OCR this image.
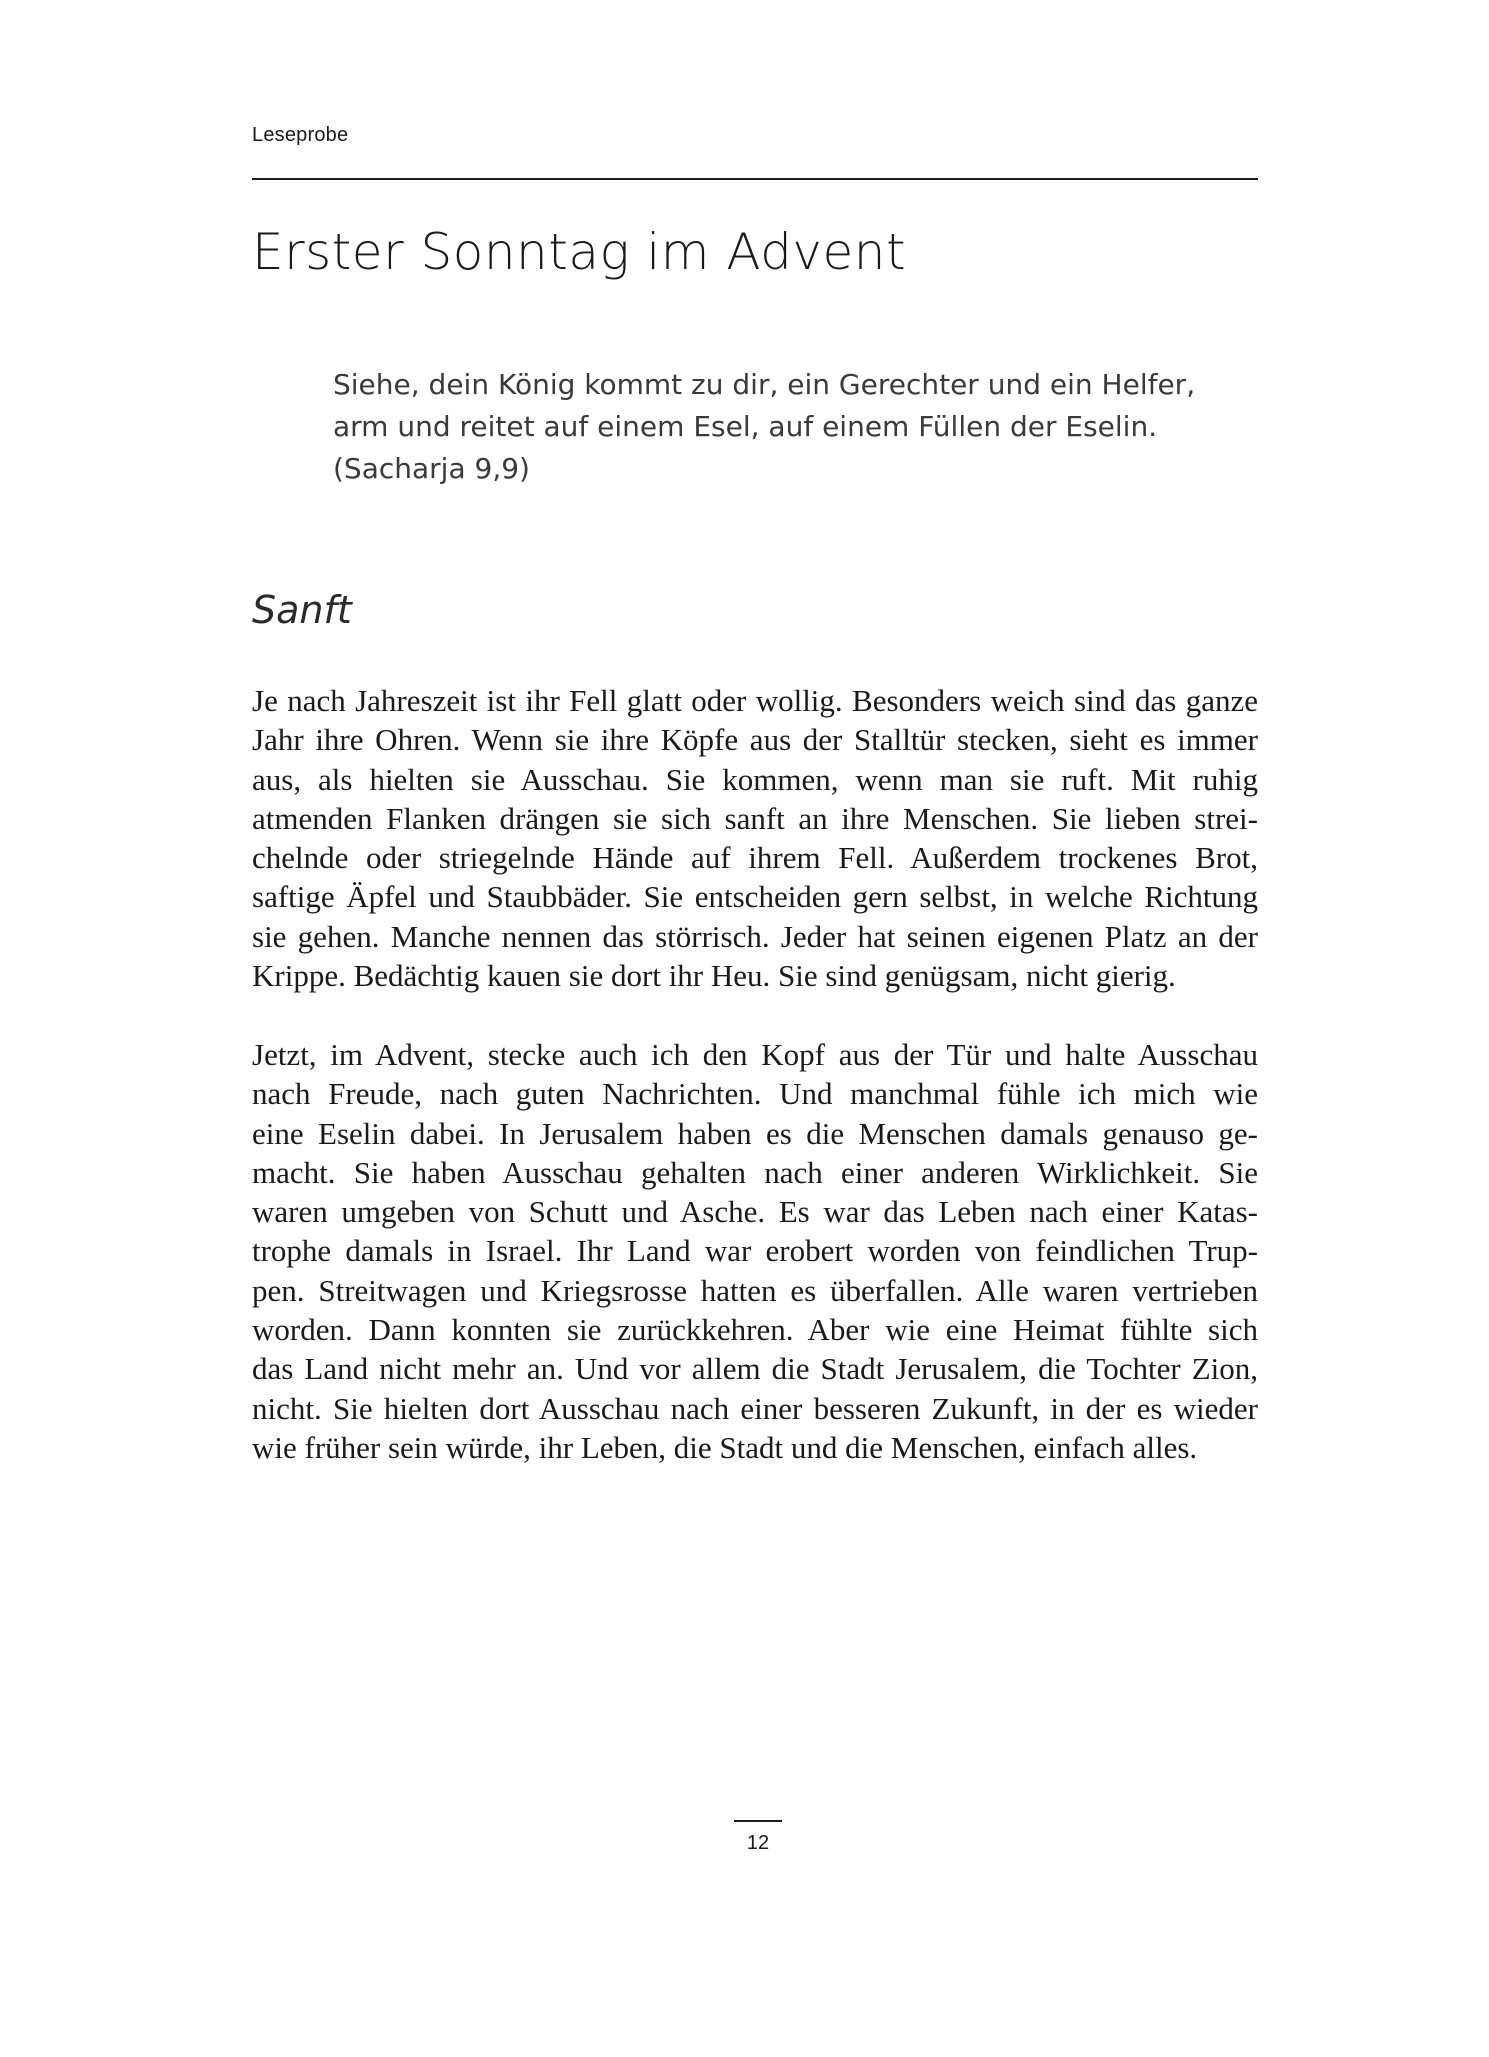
Leseprobe
Erster Sonntag im Advent
Siehe, dein König kommt zu dir, ein Gerechter und ein Helfer,
arm und reitet auf einem Esel, auf einem Füllen der Eselin.
(Sacharja 9,9)
Sanft
Je nach Jahreszeit ist ihr Fell glatt oder wollig. Besonders weich sind das ganze
Jahr ihre Ohren. Wenn sie ihre Köpfe aus der Stalltür stecken, sieht es immer
aus, als hielten sie Ausschau. Sie kommen, wenn man sie ruft. Mit ruhig
atmenden Flanken drängen sie sich sanft an ihre Menschen. Sie lieben strei-
chelnde oder striegelnde Hände auf ihrem Fell. Außerdem trockenes Brot,
saftige Äpfel und Staubbäder. Sie entscheiden gern selbst, in welche Richtung
sie gehen. Manche nennen das störrisch. Jeder hat seinen eigenen Platz an der
Krippe. Bedächtig kauen sie dort ihr Heu. Sie sind genügsam, nicht gierig.
Jetzt, im Advent, stecke auch ich den Kopf aus der Tür und halte Ausschau
nach Freude, nach guten Nachrichten. Und manchmal fühle ich mich wie
eine Eselin dabei. In Jerusalem haben es die Menschen damals genauso ge-
macht. Sie haben Ausschau gehalten nach einer anderen Wirklichkeit. Sie
waren umgeben von Schutt und Asche. Es war das Leben nach einer Katas-
trophe damals in Israel. Ihr Land war erobert worden von feindlichen Trup-
pen. Streitwagen und Kriegsrosse hatten es überfallen. Alle waren vertrieben
worden. Dann konnten sie zurückkehren. Aber wie eine Heimat fühlte sich
das Land nicht mehr an. Und vor allem die Stadt Jerusalem, die Tochter Zion,
nicht. Sie hielten dort Ausschau nach einer besseren Zukunft, in der es wieder
wie früher sein würde, ihr Leben, die Stadt und die Menschen, einfach alles.
12
